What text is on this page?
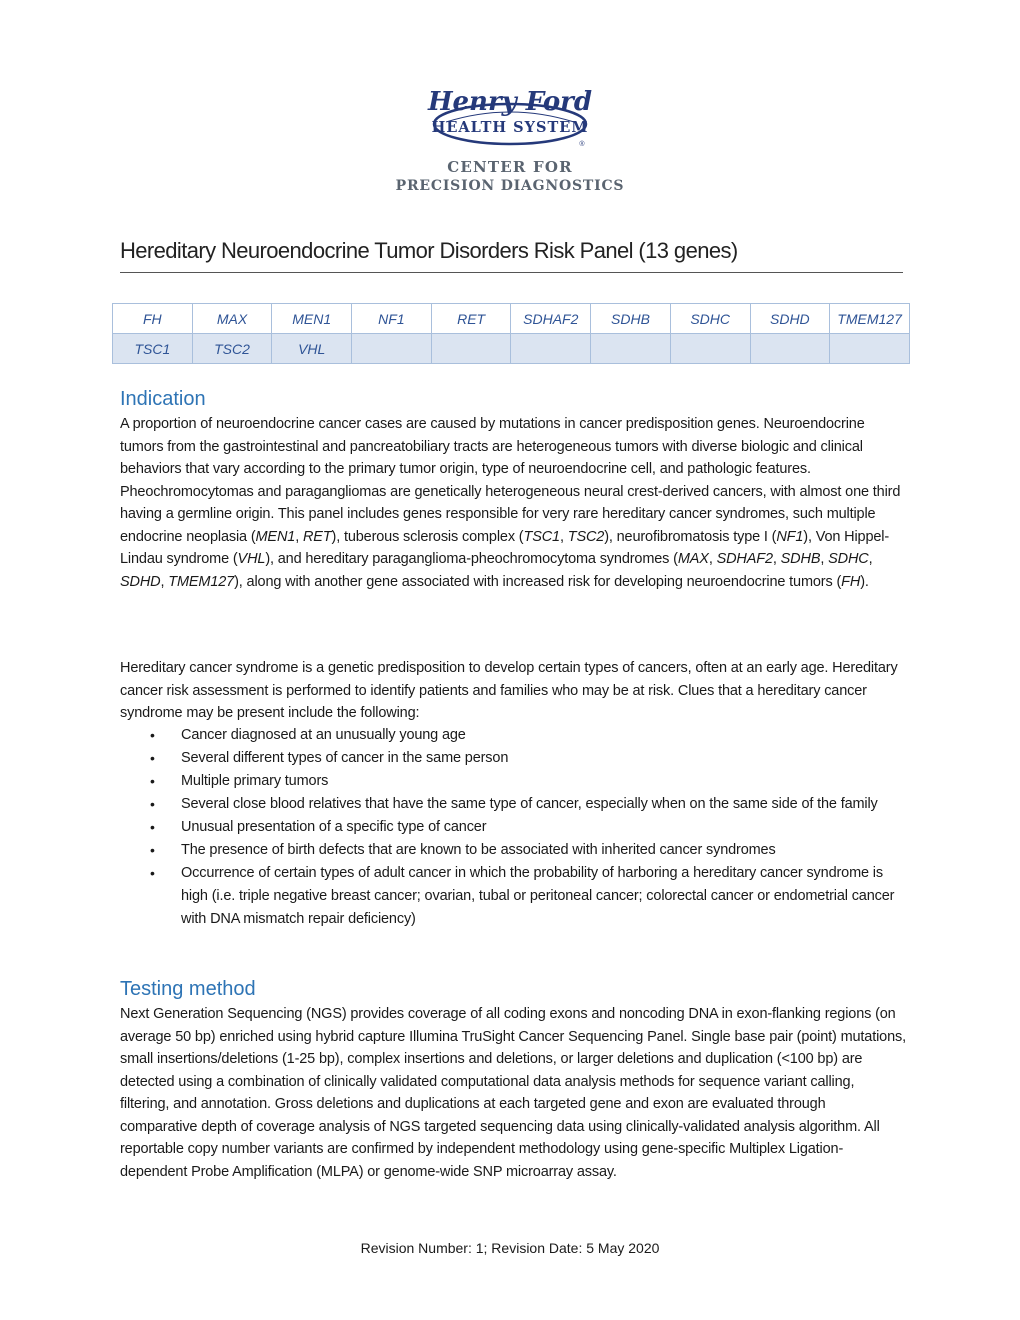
Henry Ford
HEALTH SYSTEM
®
CENTER FOR
PRECISION DIAGNOSTICS
Hereditary Neuroendocrine Tumor Disorders Risk Panel (13 genes)
FH	MAX	MEN1	NF1	RET	SDHAF2	SDHB	SDHC	SDHD	TMEM127
TSC1	TSC2	VHL							
Indication

A proportion of neuroendocrine cancer cases are caused by mutations in cancer predisposition genes. Neuroendocrine tumors from the gastrointestinal and pancreatobiliary tracts are heterogeneous tumors with diverse biologic and clinical behaviors that vary according to the primary tumor origin, type of neuroendocrine cell, and pathologic features. Pheochromocytomas and paragangliomas are genetically heterogeneous neural crest-derived cancers, with almost one third having a germline origin. This panel includes genes responsible for very rare hereditary cancer syndromes, such multiple endocrine neoplasia (MEN1, RET), tuberous sclerosis complex (TSC1, TSC2), neurofibromatosis type I (NF1), Von Hippel-Lindau syndrome (VHL), and hereditary paraganglioma-pheochromocytoma syndromes (MAX, SDHAF2, SDHB, SDHC, SDHD, TMEM127), along with another gene associated with increased risk for developing neuroendocrine tumors (FH).

Hereditary cancer syndrome is a genetic predisposition to develop certain types of cancers, often at an early age. Hereditary cancer risk assessment is performed to identify patients and families who may be at risk. Clues that a hereditary cancer syndrome may be present include the following:

• Cancer diagnosed at an unusually young age
• Several different types of cancer in the same person
• Multiple primary tumors
• Several close blood relatives that have the same type of cancer, especially when on the same side of the family
• Unusual presentation of a specific type of cancer
• The presence of birth defects that are known to be associated with inherited cancer syndromes
• Occurrence of certain types of adult cancer in which the probability of harboring a hereditary cancer syndrome is high (i.e. triple negative breast cancer; ovarian, tubal or peritoneal cancer; colorectal cancer or endometrial cancer with DNA mismatch repair deficiency)
Testing method

Next Generation Sequencing (NGS) provides coverage of all coding exons and noncoding DNA in exon-flanking regions (on average 50 bp) enriched using hybrid capture Illumina TruSight Cancer Sequencing Panel. Single base pair (point) mutations, small insertions/deletions (1-25 bp), complex insertions and deletions, or larger deletions and duplication (<100 bp) are detected using a combination of clinically validated computational data analysis methods for sequence variant calling, filtering, and annotation. Gross deletions and duplications at each targeted gene and exon are evaluated through comparative depth of coverage analysis of NGS targeted sequencing data using clinically-validated analysis algorithm. All reportable copy number variants are confirmed by independent methodology using gene-specific Multiplex Ligation-dependent Probe Amplification (MLPA) or genome-wide SNP microarray assay.

Revision Number: 1; Revision Date: 5 May 2020
